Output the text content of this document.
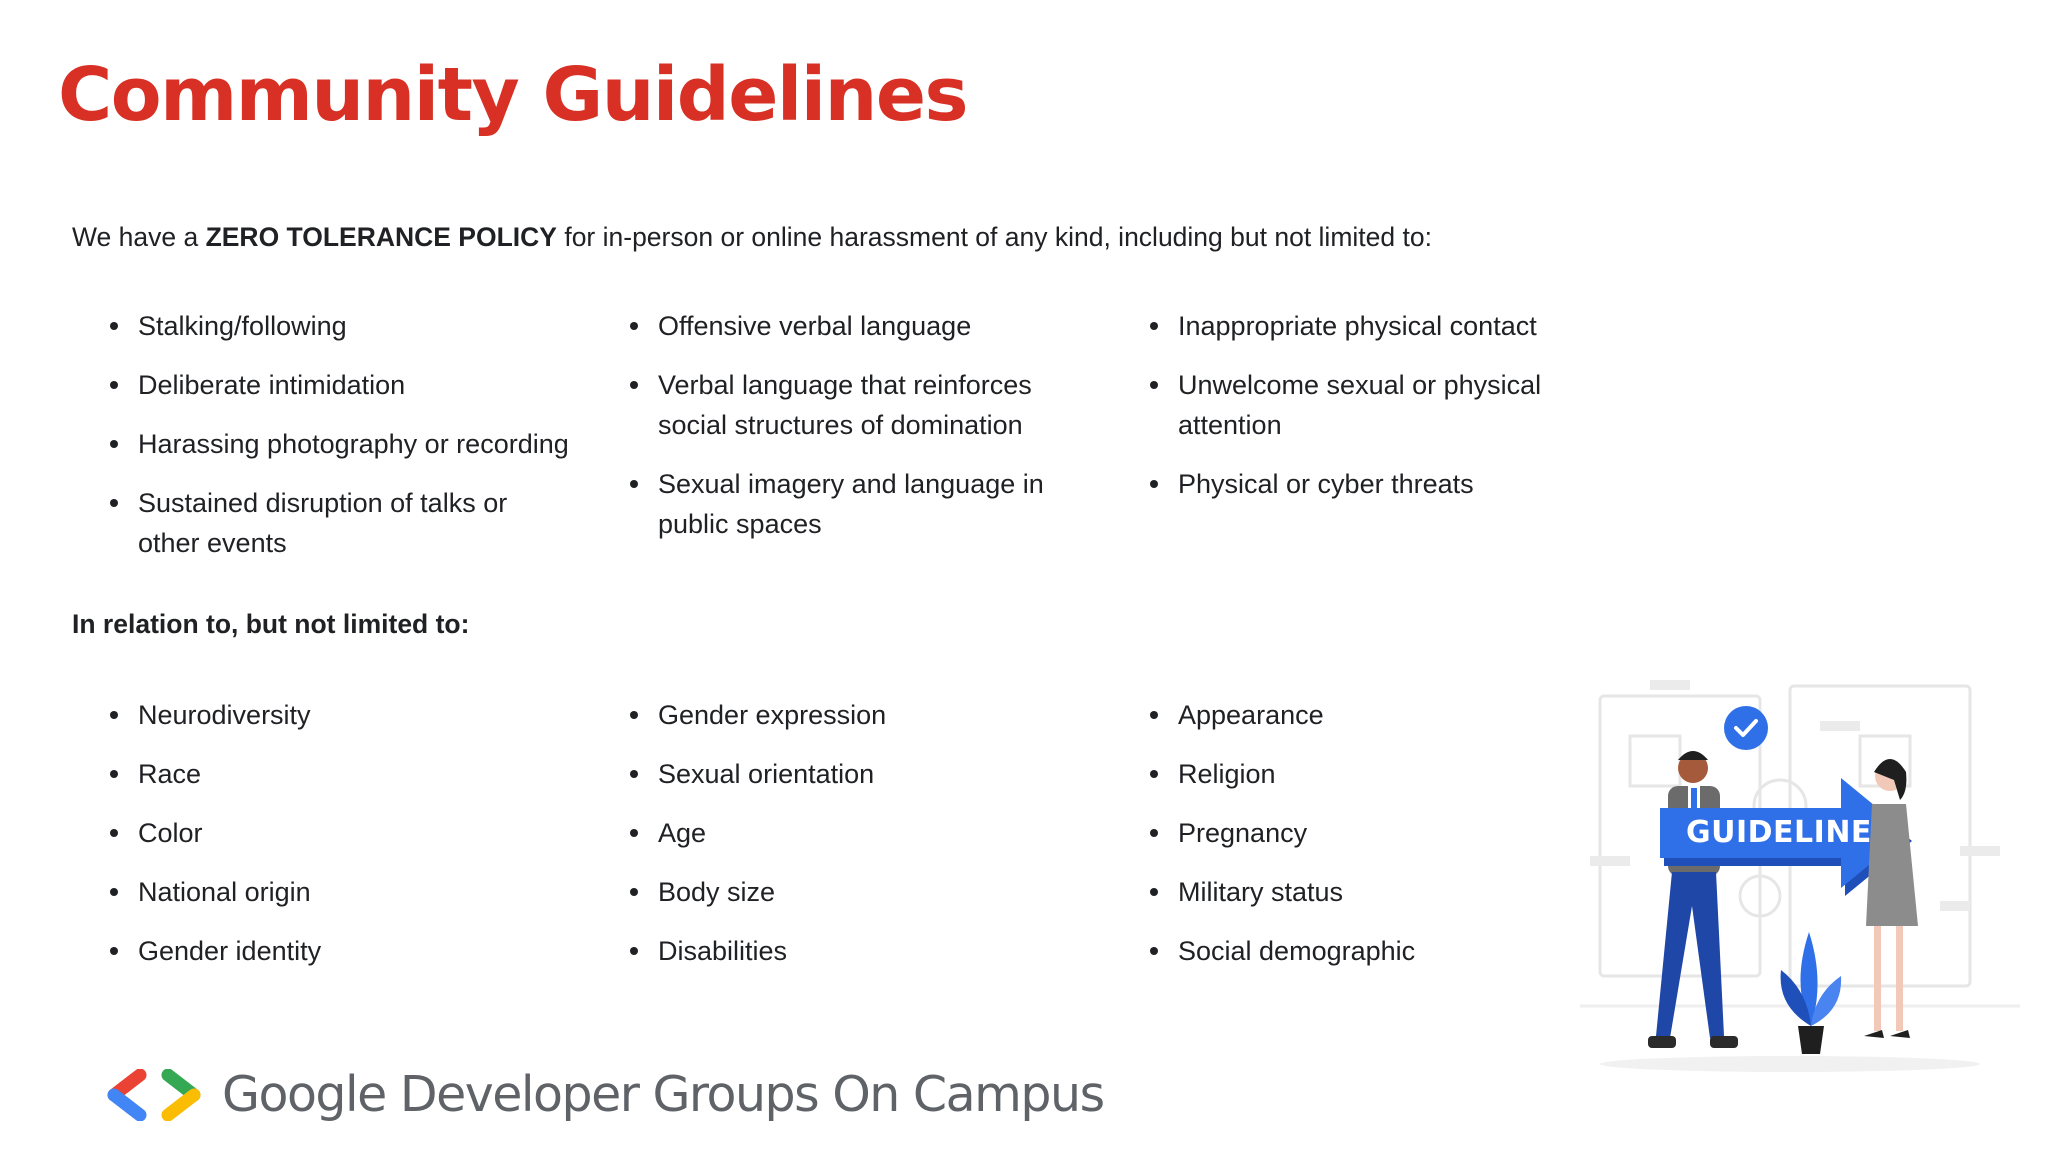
Community Guidelines
We have a ZERO TOLERANCE POLICY for in-person or online harassment of any kind, including but not limited to:
Stalking/following
Deliberate intimidation
Harassing photography or recording
Sustained disruption of talks or other events
Offensive verbal language
Verbal language that reinforces social structures of domination
Sexual imagery and language in public spaces
Inappropriate physical contact
Unwelcome sexual or physical attention
Physical or cyber threats
In relation to, but not limited to:
Neurodiversity
Race
Color
National origin
Gender identity
Gender expression
Sexual orientation
Age
Body size
Disabilities
Appearance
Religion
Pregnancy
Military status
Social demographic
GUIDELINE
Google Developer Groups On Campus
